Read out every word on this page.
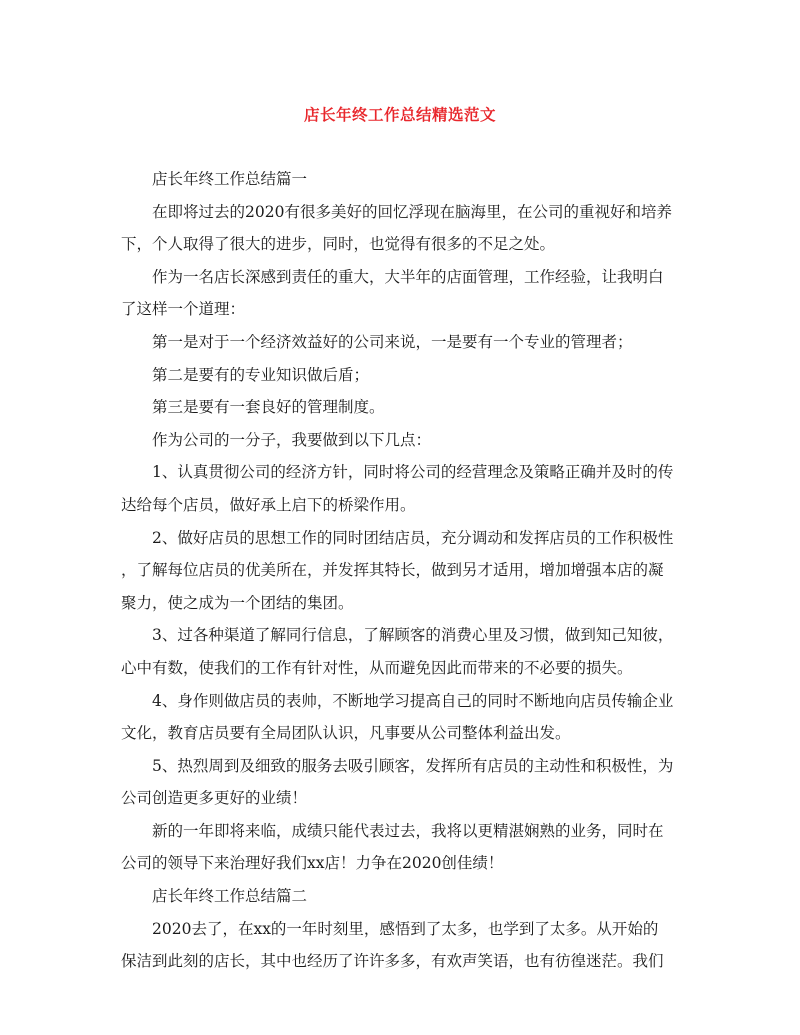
店长年终工作总结精选范文

店长年终工作总结篇一

在即将过去的2020有很多美好的回忆浮现在脑海里，在公司的重视好和培养

下，个人取得了很大的进步，同时，也觉得有很多的不足之处。

作为一名店长深感到责任的重大，大半年的店面管理，工作经验，让我明白

了这样一个道理：

第一是对于一个经济效益好的公司来说，一是要有一个专业的管理者；

第二是要有的专业知识做后盾；

第三是要有一套良好的管理制度。

作为公司的一分子，我要做到以下几点：

1、认真贯彻公司的经济方针，同时将公司的经营理念及策略正确并及时的传

达给每个店员，做好承上启下的桥梁作用。

2、做好店员的思想工作的同时团结店员，充分调动和发挥店员的工作积极性

，了解每位店员的优美所在，并发挥其特长，做到另才适用，增加增强本店的凝

聚力，使之成为一个团结的集团。

3、过各种渠道了解同行信息，了解顾客的消费心里及习惯，做到知己知彼，

心中有数，使我们的工作有针对性，从而避免因此而带来的不必要的损失。

4、身作则做店员的表帅，不断地学习提高自己的同时不断地向店员传输企业

文化，教育店员要有全局团队认识，凡事要从公司整体利益出发。

5、热烈周到及细致的服务去吸引顾客，发挥所有店员的主动性和积极性，为

公司创造更多更好的业绩！

新的一年即将来临，成绩只能代表过去，我将以更精湛娴熟的业务，同时在

公司的领导下来治理好我们xx店！力争在2020创佳绩！

店长年终工作总结篇二

2020去了，在xx的一年时刻里，感悟到了太多，也学到了太多。从开始的

保洁到此刻的店长，其中也经历了许许多多，有欢声笑语，也有彷徨迷茫。我们
